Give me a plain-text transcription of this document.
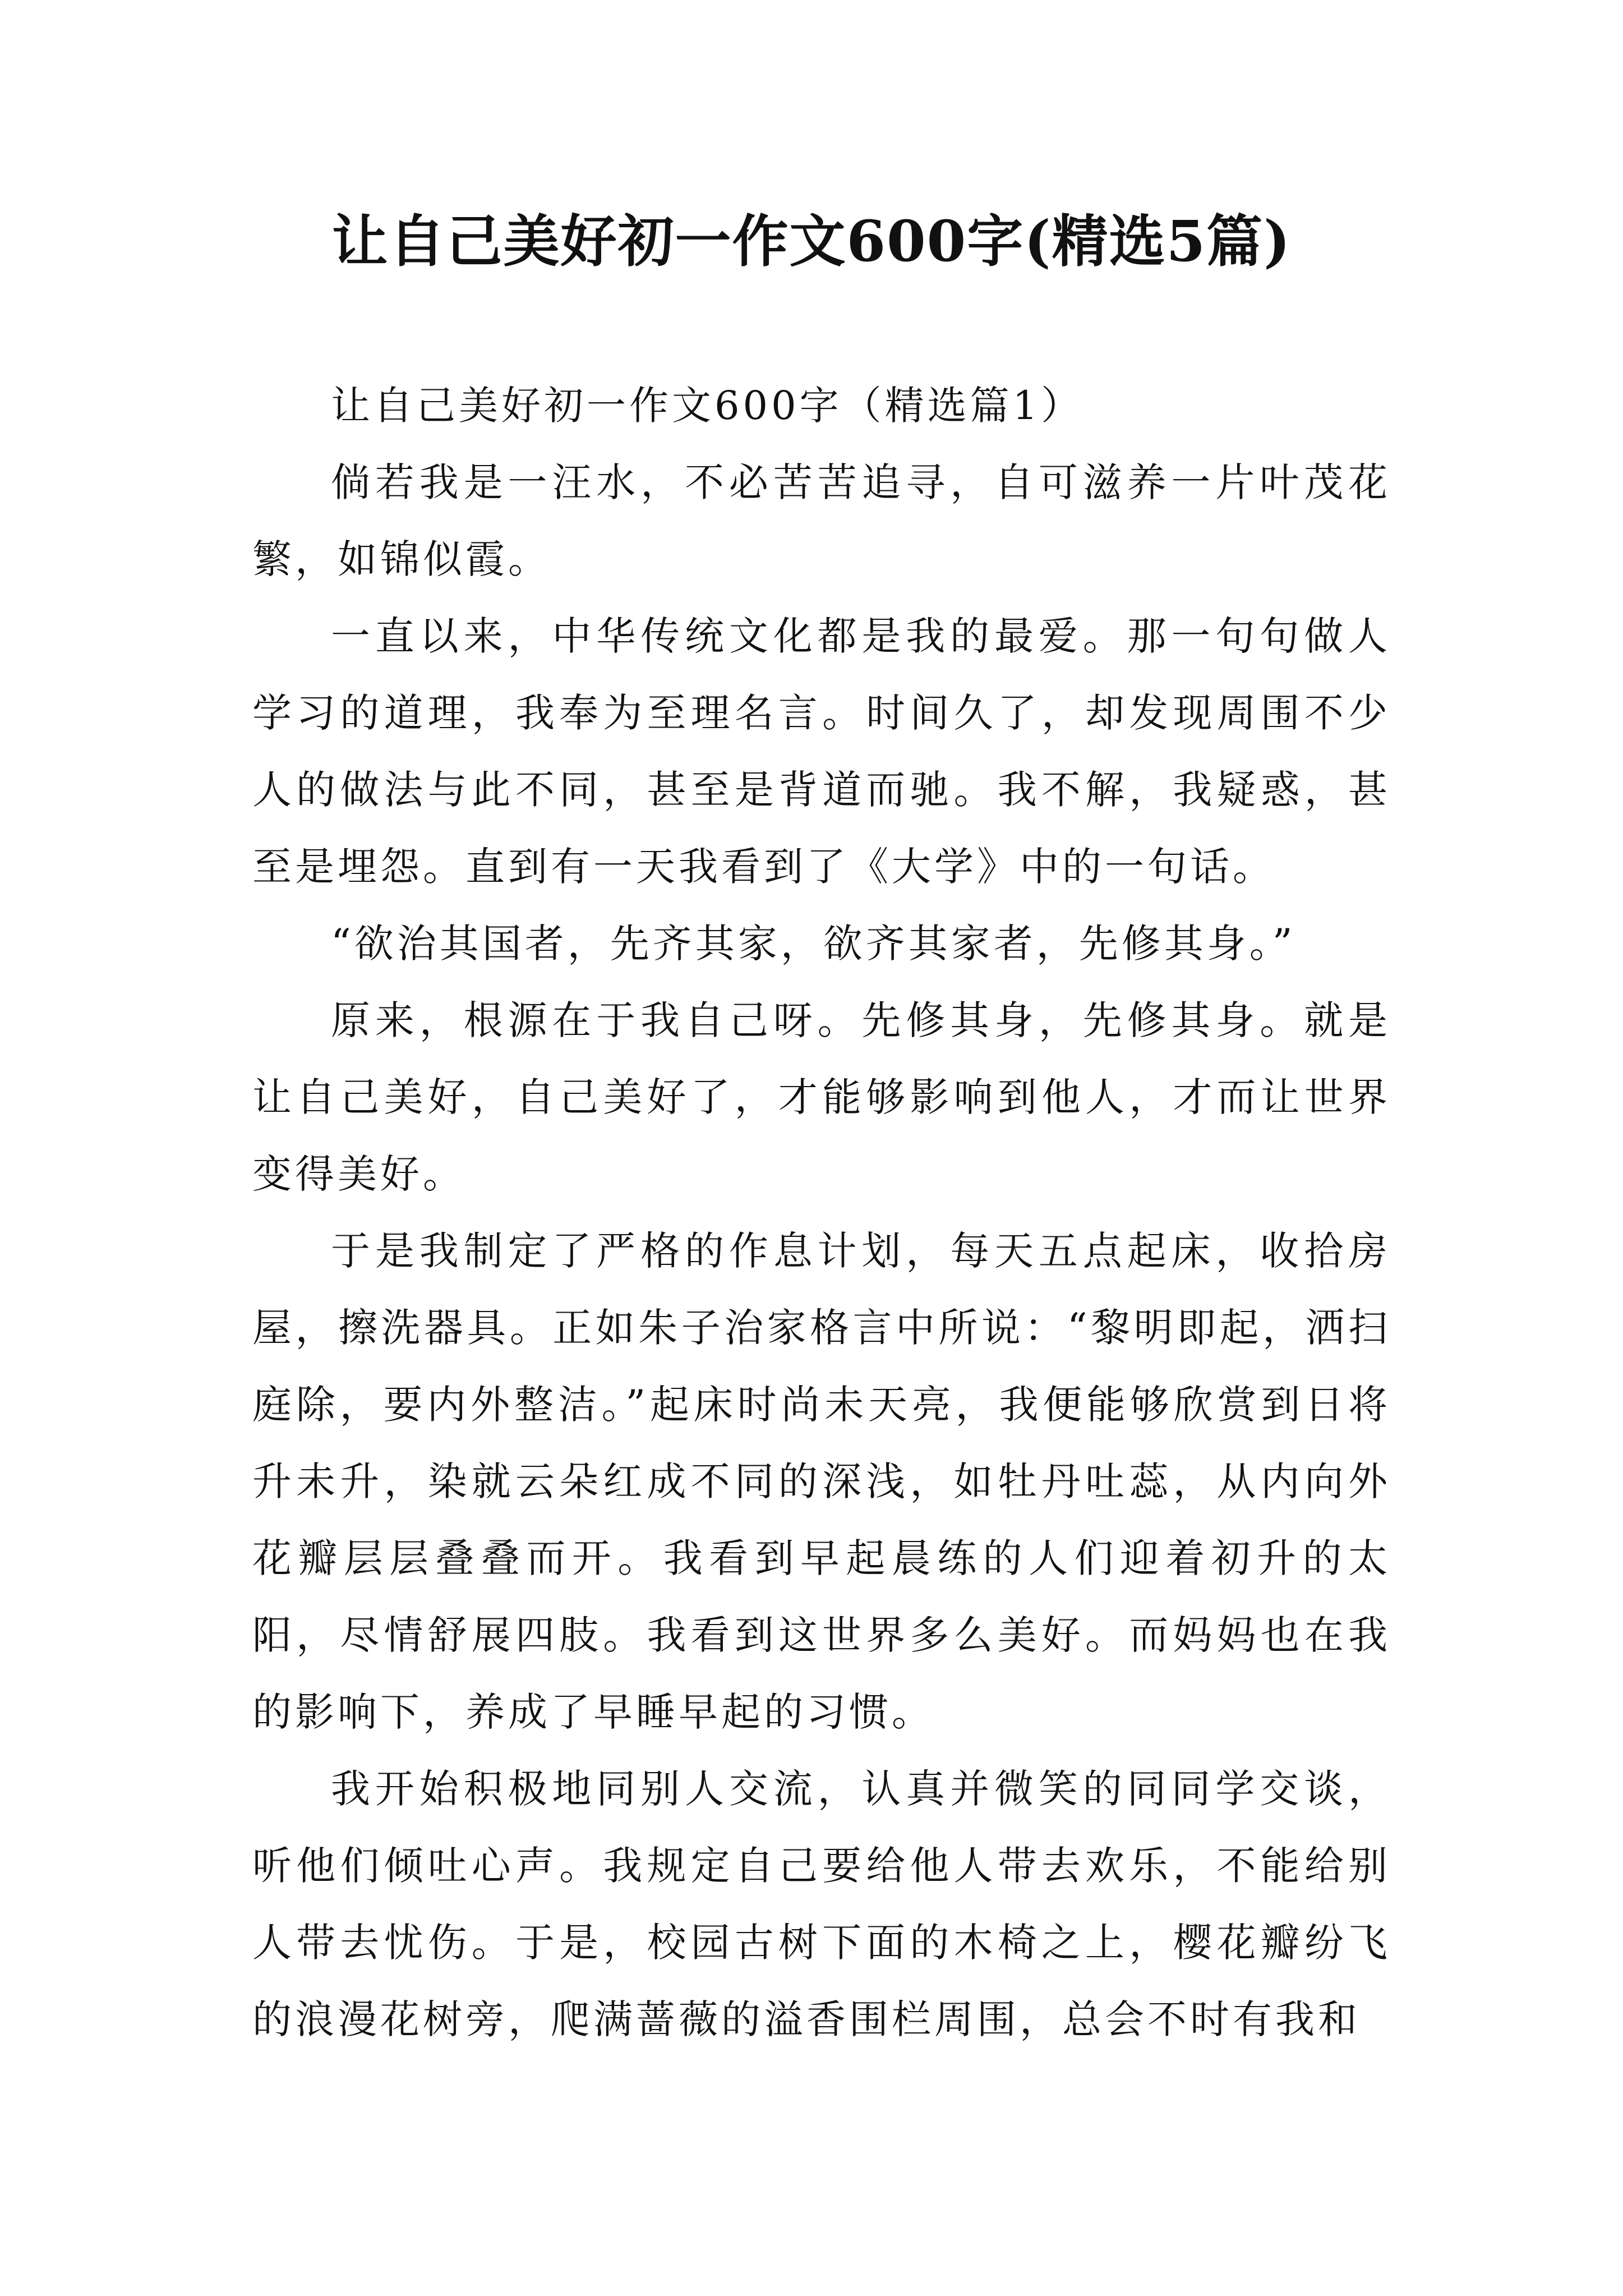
让自己美好初一作文600字(精选5篇)

让自己美好初一作文600字（精选篇1）

倘若我是一汪水，不必苦苦追寻，自可滋养一片叶茂花繁，如锦似霞。

一直以来，中华传统文化都是我的最爱。那一句句做人学习的道理，我奉为至理名言。时间久了，却发现周围不少人的做法与此不同，甚至是背道而驰。我不解，我疑惑，甚至是埋怨。直到有一天我看到了《大学》中的一句话。

“欲治其国者，先齐其家，欲齐其家者，先修其身。”

原来，根源在于我自己呀。先修其身，先修其身。就是让自己美好，自己美好了，才能够影响到他人，才而让世界变得美好。

于是我制定了严格的作息计划，每天五点起床，收拾房屋，擦洗器具。正如朱子治家格言中所说：“黎明即起，洒扫庭除，要内外整洁。”起床时尚未天亮，我便能够欣赏到日将升未升，染就云朵红成不同的深浅，如牡丹吐蕊，从内向外花瓣层层叠叠而开。我看到早起晨练的人们迎着初升的太阳，尽情舒展四肢。我看到这世界多么美好。而妈妈也在我的影响下，养成了早睡早起的习惯。

我开始积极地同别人交流，认真并微笑的同同学交谈，听他们倾吐心声。我规定自己要给他人带去欢乐，不能给别人带去忧伤。于是，校园古树下面的木椅之上，樱花瓣纷飞的浪漫花树旁，爬满蔷薇的溢香围栏周围，总会不时有我和
